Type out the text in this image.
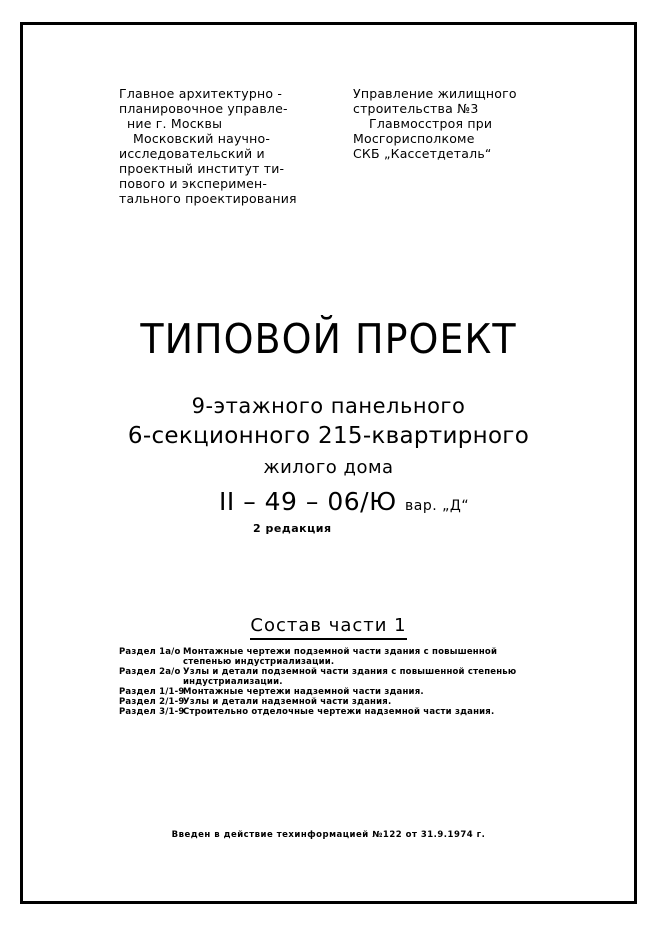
Главное архитектурно -
планировочное управле-
ние г. Москвы
Московский научно-
исследовательский и
проектный институт ти-
пового и эксперимен-
тального проектирования
Управление жилищного
строительства №3
Главмосстроя при
Мосгорисполкоме
СКБ „Кассетдеталь“
ТИПОВОЙ ПРОЕКТ
9-этажного панельного
6-секционного 215-квартирного
жилого дома
II – 49 – 06/Ю вар. „Д“
2 редакция
Состав части 1
Раздел 1а/о Монтажные чертежи подземной части здания с повышенной степенью индустриализации.
Раздел 2а/о Узлы и детали подземной части здания с повышенной степенью индустриализации.
Раздел 1/1-9
Монтажные чертежи надземной части здания.
Раздел 2/1-9
Узлы и детали надземной части здания.
Раздел 3/1-9
Строительно отделочные чертежи надземной части здания.
Введен в действие техинформацией №122 от 31.9.1974 г.
